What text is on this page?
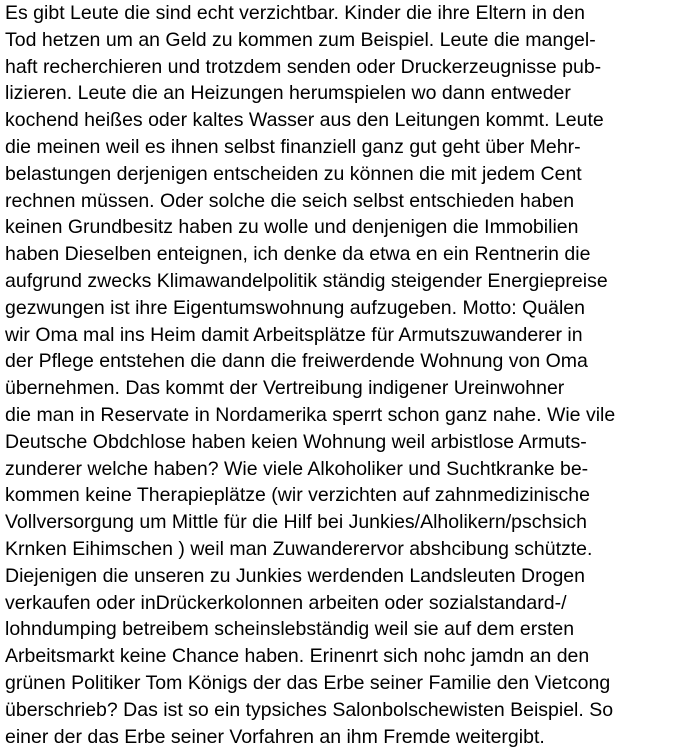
Es gibt Leute die sind echt verzichtbar. Kinder die ihre Eltern in den
Tod hetzen um an Geld zu kommen zum Beispiel. Leute die mangel-
haft recherchieren und trotzdem senden oder Druckerzeugnisse pub-
lizieren. Leute die an Heizungen herumspielen wo dann entweder
kochend heißes oder kaltes Wasser aus den Leitungen kommt. Leute
die meinen weil es ihnen selbst finanziell ganz gut geht über Mehr-
belastungen derjenigen entscheiden zu können die mit jedem Cent
rechnen müssen. Oder solche die seich selbst entschieden haben
keinen Grundbesitz haben zu wolle und denjenigen die Immobilien
haben Dieselben enteignen, ich denke da etwa en ein Rentnerin die
aufgrund zwecks Klimawandelpolitik ständig steigender Energiepreise
gezwungen ist ihre Eigentumswohnung aufzugeben. Motto: Quälen
wir Oma mal ins Heim damit Arbeitsplätze für Armutszuwanderer in
der Pflege entstehen die dann die freiwerdende Wohnung von Oma
übernehmen. Das kommt der Vertreibung indigener Ureinwohner
die man in Reservate in Nordamerika sperrt schon ganz nahe. Wie vile
Deutsche Obdchlose haben keien Wohnung weil arbistlose Armuts-
zunderer welche haben? Wie viele Alkoholiker und Suchtkranke be-
kommen keine Therapieplätze (wir verzichten auf zahnmedizinische
Vollversorgung um Mittle für die Hilf bei Junkies/Alholikern/pschsich
Krnken Eihimschen ) weil man Zuwanderervor abshcibung schützte.
Diejenigen die unseren zu Junkies werdenden Landsleuten Drogen
verkaufen oder inDrückerkolonnen arbeiten oder sozialstandard-/
lohndumping betreibem scheinslebständig weil sie auf dem ersten
Arbeitsmarkt keine Chance haben. Erinenrt sich nohc jamdn an den
grünen Politiker Tom Königs der das Erbe seiner Familie den Vietcong
überschrieb? Das ist so ein typsiches Salonbolschewisten Beispiel. So
einer der das Erbe seiner Vorfahren an ihm Fremde weitergibt.
